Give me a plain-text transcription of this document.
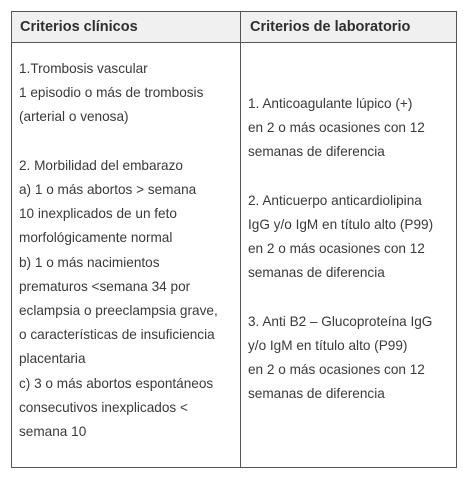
Criterios clínicos	Criterios de laboratorio
1.Trombosis vascular
1 episodio o más de trombosis
(arterial o venosa)
2. Morbilidad del embarazo
a) 1 o más abortos > semana
10 inexplicados de un feto
morfológicamente normal
b) 1 o más nacimientos
prematuros <semana 34 por
eclampsia o preeclampsia grave,
o características de insuficiencia
placentaria
c) 3 o más abortos espontáneos
consecutivos inexplicados <
semana 10
1. Anticoagulante lúpico (+)
en 2 o más ocasiones con 12
semanas de diferencia
2. Anticuerpo anticardiolipina
IgG y/o IgM en título alto (P99)
en 2 o más ocasiones con 12
semanas de diferencia
3. Anti B2 – Glucoproteína IgG
y/o IgM en título alto (P99)
en 2 o más ocasiones con 12
semanas de diferencia
